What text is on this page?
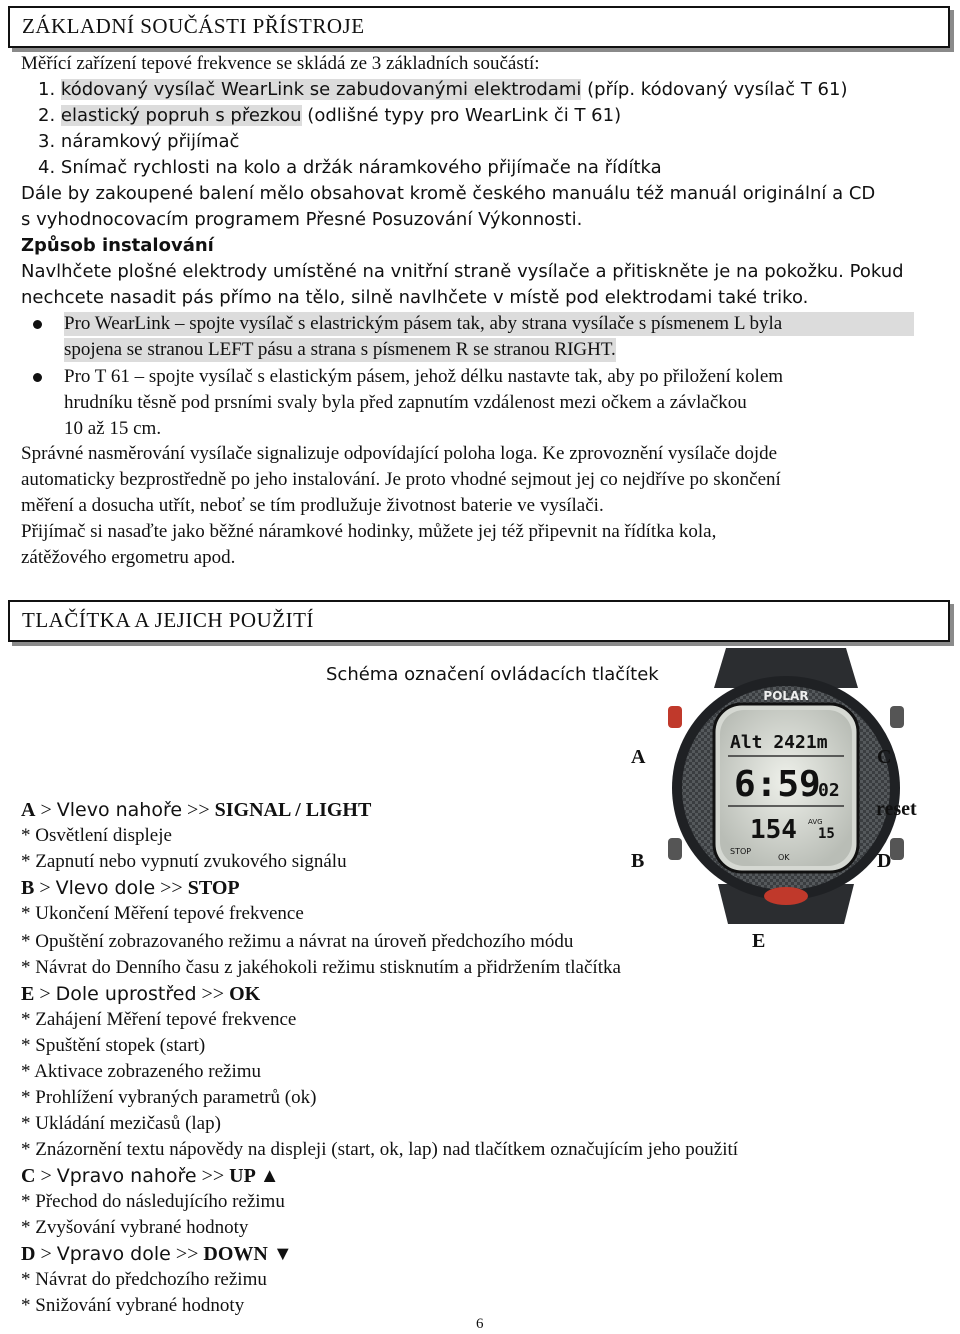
ZÁKLADNÍ SOUČÁSTI PŘÍSTROJE
Měřící zařízení tepové frekvence se skládá ze 3 základních součástí:
1. kódovaný vysílač WearLink se zabudovanými elektrodami (příp. kódovaný vysílač T 61)
2. elastický popruh s přezkou (odlišné typy pro WearLink či T 61)
3. náramkový přijímač
4. Snímač rychlosti na kolo a držák náramkového přijímače na řídítka
Dále by zakoupené balení mělo obsahovat kromě českého manuálu též manuál originální a CD
s vyhodnocovacím programem Přesné Posuzování Výkonnosti.
Způsob instalování
Navlhčete plošné elektrody umístěné na vnitřní straně vysílače a přitiskněte je na pokožku. Pokud
nechcete nasadit pás přímo na tělo, silně navlhčete v místě pod elektrodami také triko.
Pro WearLink – spojte vysílač s elastrickým pásem tak, aby strana vysílače s písmenem L byla
spojena se stranou LEFT pásu a strana s písmenem R se stranou RIGHT.
Pro T 61 – spojte vysílač s elastickým pásem, jehož délku nastavte tak, aby po přiložení kolem
hrudníku těsně pod prsními svaly byla před zapnutím vzdálenost mezi očkem a závlačkou
10 až 15 cm.
Správné nasměrování vysílače signalizuje odpovídající poloha loga. Ke zprovoznění vysílače dojde
automaticky bezprostředně po jeho instalování. Je proto vhodné sejmout jej co nejdříve po skončení
měření a dosucha utřít, neboť se tím prodlužuje životnost baterie ve vysílači.
Přijímač si nasaďte jako běžné náramkové hodinky, můžete jej též připevnit na řídítka kola,
zátěžového ergometru apod.
TLAČÍTKA A JEJICH POUŽITÍ
Schéma označení ovládacích tlačítek
POLAR
Alt 2421m
6:59
02
154 AVG
15
STOP
OK
A	C
reset
B	D
E
A > Vlevo nahoře >> SIGNAL / LIGHT
* Osvětlení displeje
* Zapnutí nebo vypnutí zvukového signálu
B > Vlevo dole >> STOP
* Ukončení Měření tepové frekvence
* Opuštění zobrazovaného režimu a návrat na úroveň předchozího módu
* Návrat do Denního času z jakéhokoli režimu stisknutím a přidržením tlačítka
E > Dole uprostřed >> OK
* Zahájení Měření tepové frekvence
* Spuštění stopek (start)
* Aktivace zobrazeného režimu
* Prohlížení vybraných parametrů (ok)
* Ukládání mezičasů (lap)
* Znázornění textu nápovědy na displeji (start, ok, lap) nad tlačítkem označujícím jeho použití
C > Vpravo nahoře >> UP ▲
* Přechod do následujícího režimu
* Zvyšování vybrané hodnoty
D > Vpravo dole >> DOWN ▼
* Návrat do předchozího režimu
* Snižování vybrané hodnoty
6
